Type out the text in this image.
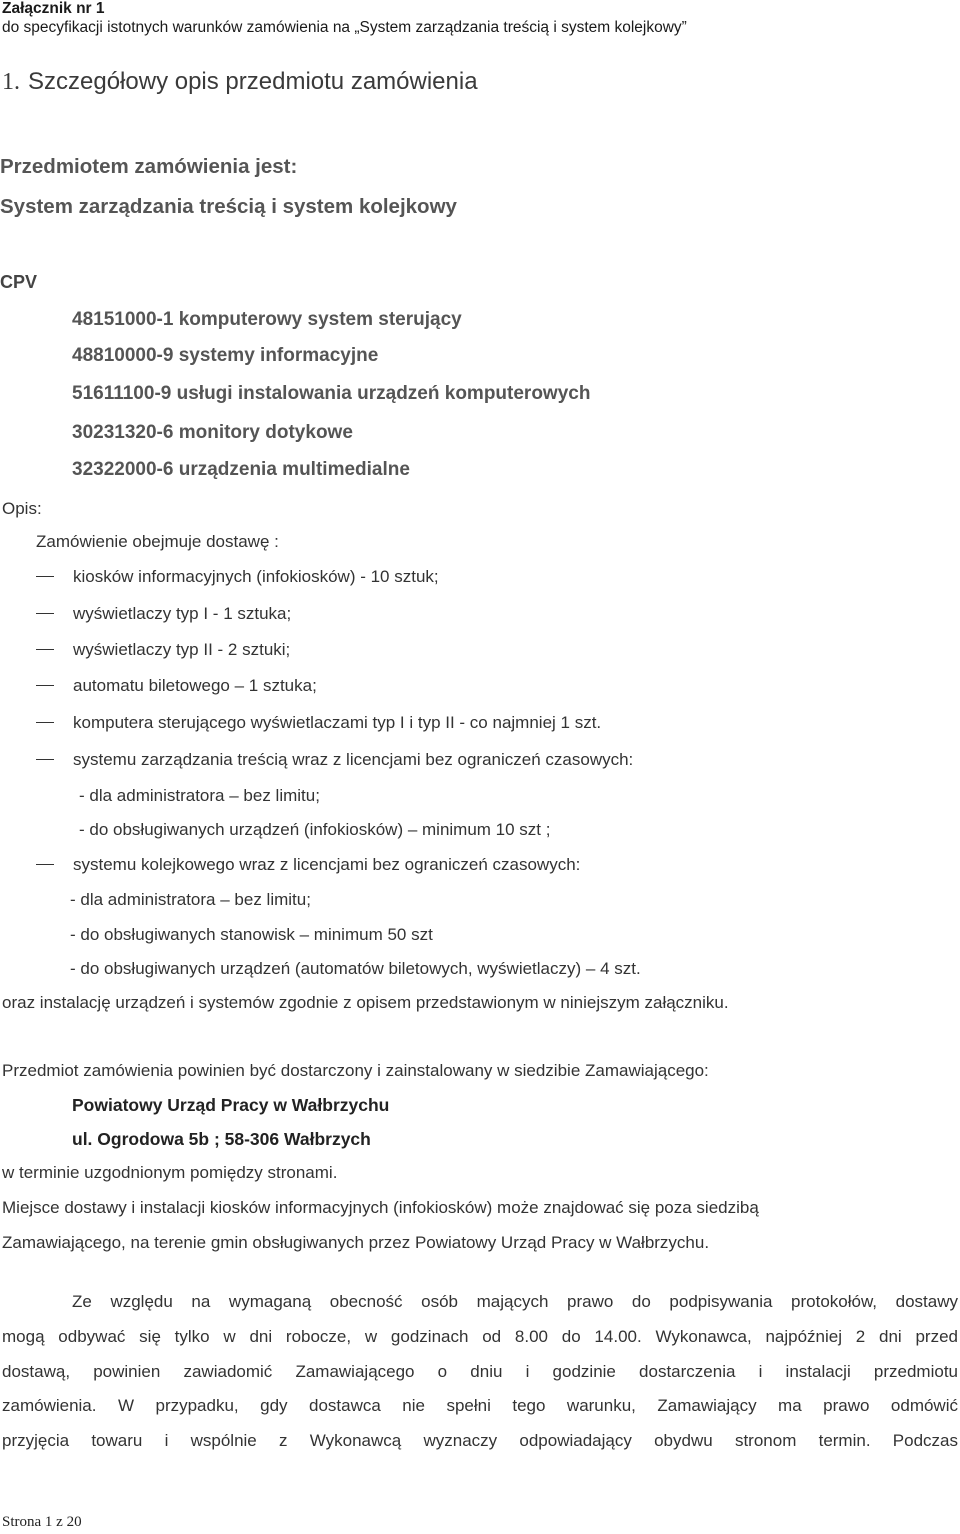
Załącznik nr 1
do specyfikacji istotnych warunków zamówienia na „System zarządzania treścią i system kolejkowy”
1. Szczegółowy opis przedmiotu zamówienia
Przedmiotem zamówienia jest:
System zarządzania treścią i system kolejkowy
CPV
48151000-1 komputerowy system sterujący
48810000-9 systemy informacyjne
51611100-9 usługi instalowania urządzeń komputerowych
30231320-6 monitory dotykowe
32322000-6 urządzenia multimedialne
Opis:
Zamówienie obejmuje dostawę :
kiosków informacyjnych (infokiosków) - 10 sztuk;
wyświetlaczy typ I - 1 sztuka;
wyświetlaczy typ II - 2 sztuki;
automatu biletowego – 1 sztuka;
komputera sterującego wyświetlaczami typ I i typ II - co najmniej 1 szt.
systemu zarządzania treścią wraz z licencjami bez ograniczeń czasowych:
- dla administratora – bez limitu;
- do obsługiwanych urządzeń (infokiosków) – minimum 10 szt ;
systemu kolejkowego wraz z licencjami bez ograniczeń czasowych:
- dla administratora – bez limitu;
- do obsługiwanych stanowisk – minimum 50 szt
- do obsługiwanych urządzeń (automatów biletowych, wyświetlaczy) – 4 szt.
oraz instalację urządzeń i systemów zgodnie z opisem przedstawionym w niniejszym załączniku.
Przedmiot zamówienia powinien być dostarczony i zainstalowany w siedzibie Zamawiającego:
Powiatowy Urząd Pracy w Wałbrzychu
ul. Ogrodowa 5b ; 58-306 Wałbrzych
w terminie uzgodnionym pomiędzy stronami.
Miejsce dostawy i instalacji kiosków informacyjnych (infokiosków) może znajdować się poza siedzibą
Zamawiającego, na terenie gmin obsługiwanych przez Powiatowy Urząd Pracy w Wałbrzychu.
Ze względu na wymaganą obecność osób mających prawo do podpisywania protokołów, dostawy
mogą odbywać się tylko w dni robocze, w godzinach od 8.00 do 14.00. Wykonawca, najpóźniej 2 dni przed
dostawą, powinien zawiadomić Zamawiającego o dniu i godzinie dostarczenia i instalacji przedmiotu
zamówienia. W przypadku, gdy dostawca nie spełni tego warunku, Zamawiający ma prawo odmówić
przyjęcia towaru i wspólnie z Wykonawcą wyznaczy odpowiadający obydwu stronom termin. Podczas
Strona 1 z 20
